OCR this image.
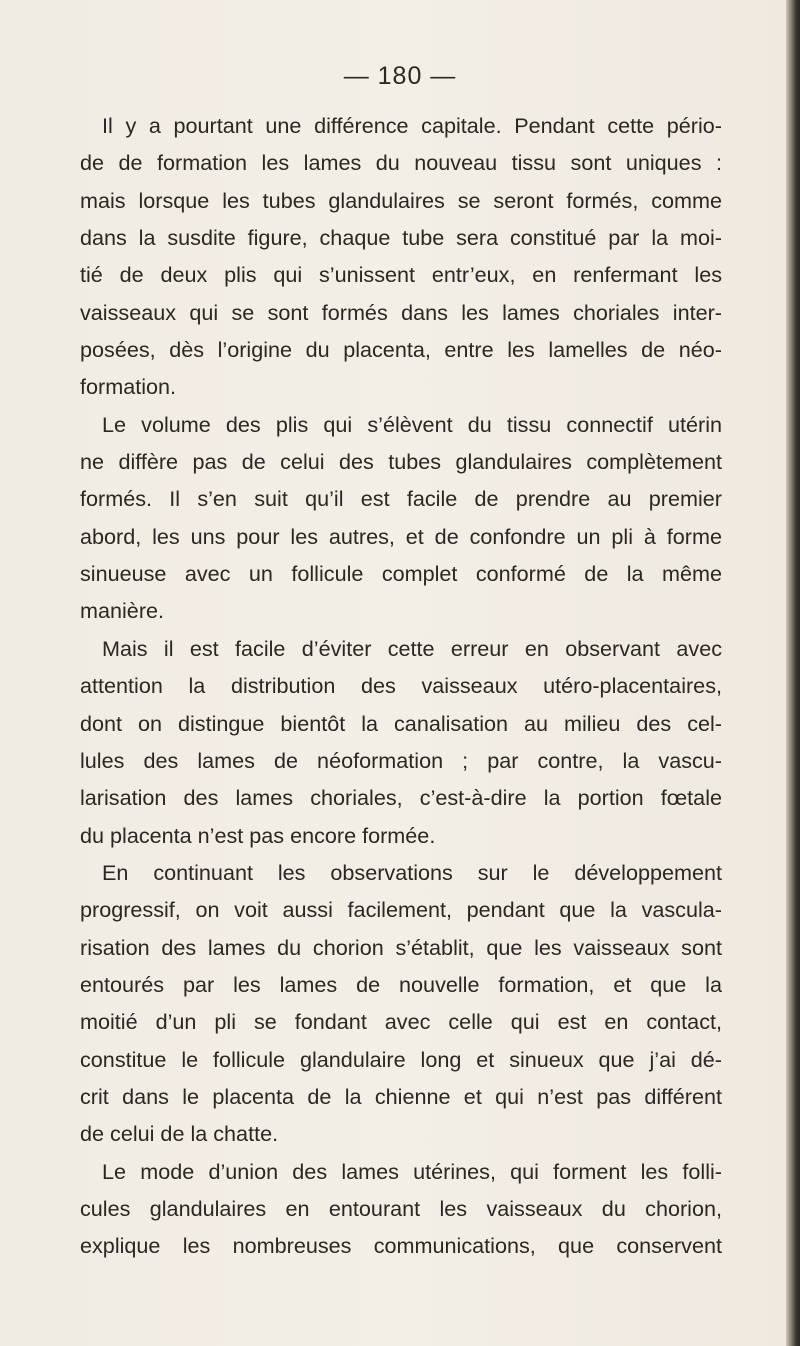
— 180 —
Il y a pourtant une différence capitale. Pendant cette pério-
de de formation les lames du nouveau tissu sont uniques :
mais lorsque les tubes glandulaires se seront formés, comme
dans la susdite figure, chaque tube sera constitué par la moi-
tié de deux plis qui s’unissent entr’eux, en renfermant les
vaisseaux qui se sont formés dans les lames choriales inter-
posées, dès l’origine du placenta, entre les lamelles de néo-
formation.
Le volume des plis qui s’élèvent du tissu connectif utérin
ne diffère pas de celui des tubes glandulaires complètement
formés. Il s’en suit qu’il est facile de prendre au premier
abord, les uns pour les autres, et de confondre un pli à forme
sinueuse avec un follicule complet conformé de la même
manière.
Mais il est facile d’éviter cette erreur en observant avec
attention la distribution des vaisseaux utéro-placentaires,
dont on distingue bientôt la canalisation au milieu des cel-
lules des lames de néoformation ; par contre, la vascu-
larisation des lames choriales, c’est-à-dire la portion fœtale
du placenta n’est pas encore formée.
En continuant les observations sur le développement
progressif, on voit aussi facilement, pendant que la vascula-
risation des lames du chorion s’établit, que les vaisseaux sont
entourés par les lames de nouvelle formation, et que la
moitié d’un pli se fondant avec celle qui est en contact,
constitue le follicule glandulaire long et sinueux que j’ai dé-
crit dans le placenta de la chienne et qui n’est pas différent
de celui de la chatte.
Le mode d’union des lames utérines, qui forment les folli-
cules glandulaires en entourant les vaisseaux du chorion,
explique les nombreuses communications, que conservent
